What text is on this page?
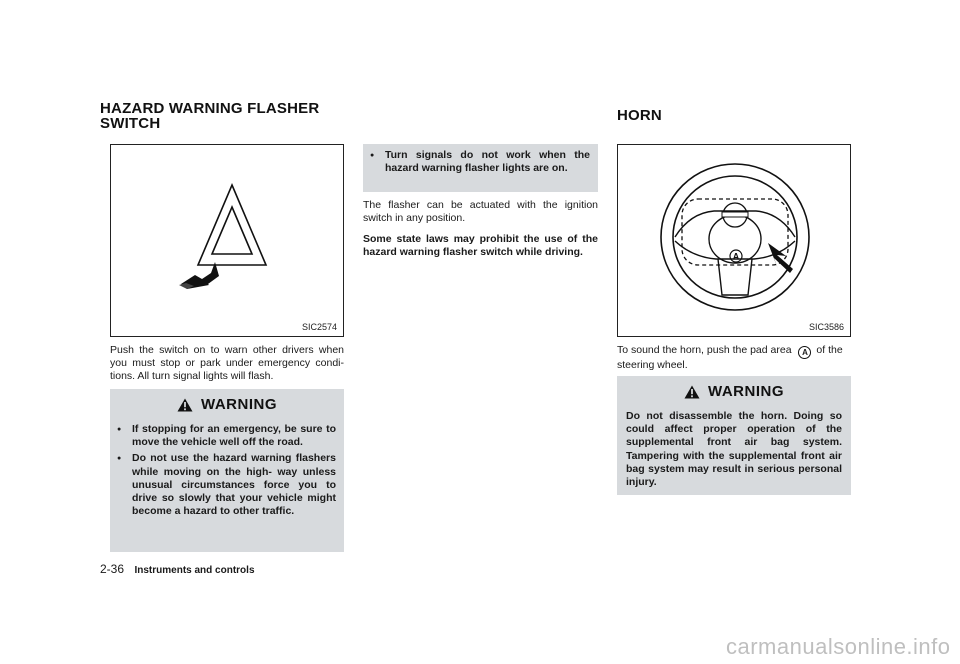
HAZARD WARNING FLASHER
SWITCH
SIC2574

Push the switch on to warn other drivers when you must stop or park under emergency condi- tions. All turn signal lights will flash.

WARNING
● If stopping for an emergency, be sure to move the vehicle well off the road.
● Do not use the hazard warning flashers while moving on the high- way unless unusual circumstances force you to drive so slowly that your vehicle might become a hazard to other traffic.
● Turn signals do not work when the hazard warning flasher lights are on.

The flasher can be actuated with the ignition switch in any position.

Some state laws may prohibit the use of the hazard warning flasher switch while driving.

HORN
A
SIC3586

To sound the horn, push the pad area A of the steering wheel.

WARNING
Do not disassemble the horn. Doing so could affect proper operation of the supplemental front air bag system. Tampering with the supplemental front air bag system may result in serious personal injury.
2-36 Instruments and controls
carmanualsonline.info
